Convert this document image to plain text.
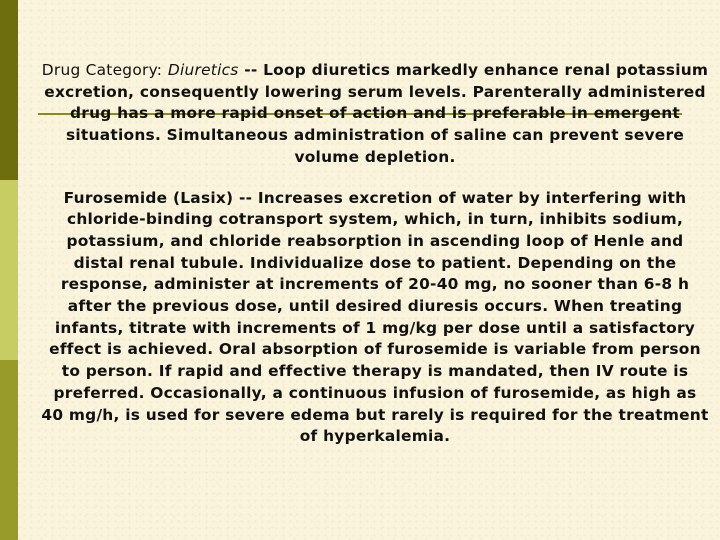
Drug Category: Diuretics -- Loop diuretics markedly enhance renal potassium excretion, consequently lowering serum levels. Parenterally administered drug has a more rapid onset of action and is preferable in emergent situations. Simultaneous administration of saline can prevent severe volume depletion.

Furosemide (Lasix) -- Increases excretion of water by interfering with chloride-binding cotransport system, which, in turn, inhibits sodium, potassium, and chloride reabsorption in ascending loop of Henle and distal renal tubule. Individualize dose to patient. Depending on the response, administer at increments of 20-40 mg, no sooner than 6-8 h after the previous dose, until desired diuresis occurs. When treating infants, titrate with increments of 1 mg/kg per dose until a satisfactory effect is achieved. Oral absorption of furosemide is variable from person to person. If rapid and effective therapy is mandated, then IV route is preferred. Occasionally, a continuous infusion of furosemide, as high as 40 mg/h, is used for severe edema but rarely is required for the treatment of hyperkalemia.
